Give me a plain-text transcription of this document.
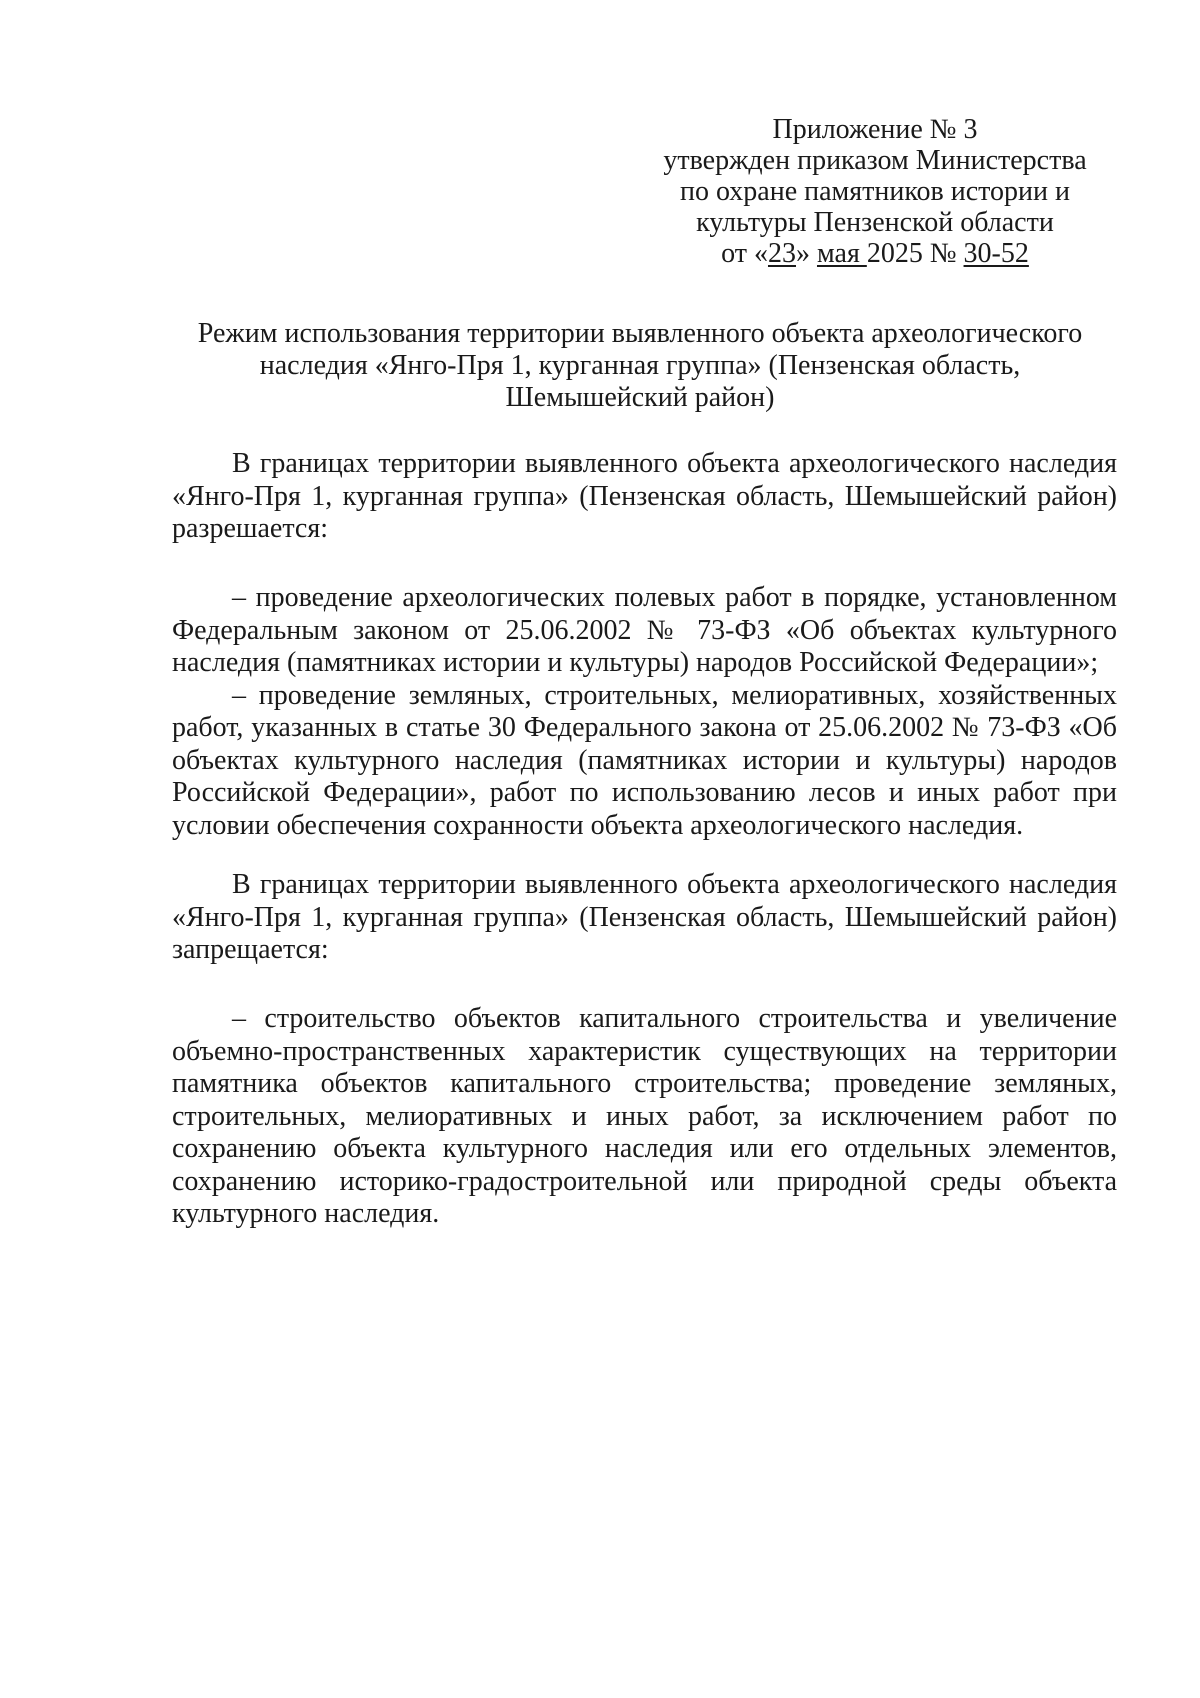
Приложение № 3
утвержден приказом Министерства
по охране памятников истории и
культуры Пензенской области
от «23» мая 2025 № 30-52
Режим использования территории выявленного объекта археологического
наследия «Янго-Пря 1, курганная группа» (Пензенская область,
Шемышейский район)

В границах территории выявленного объекта археологического наследия «Янго-Пря 1, курганная группа» (Пензенская область, Шемышейский район) разрешается:

– проведение археологических полевых работ в порядке, установленном Федеральным законом от 25.06.2002 № 73-ФЗ «Об объектах культурного наследия (памятниках истории и культуры) народов Российской Федерации»;

– проведение земляных, строительных, мелиоративных, хозяйственных работ, указанных в статье 30 Федерального закона от 25.06.2002 № 73-ФЗ «Об объектах культурного наследия (памятниках истории и культуры) народов Российской Федерации», работ по использованию лесов и иных работ при условии обеспечения сохранности объекта археологического наследия.

В границах территории выявленного объекта археологического наследия «Янго-Пря 1, курганная группа» (Пензенская область, Шемышейский район) запрещается:

– строительство объектов капитального строительства и увеличение объемно-пространственных характеристик существующих на территории памятника объектов капитального строительства; проведение земляных, строительных, мелиоративных и иных работ, за исключением работ по сохранению объекта культурного наследия или его отдельных элементов, сохранению историко-градостроительной или природной среды объекта культурного наследия.
